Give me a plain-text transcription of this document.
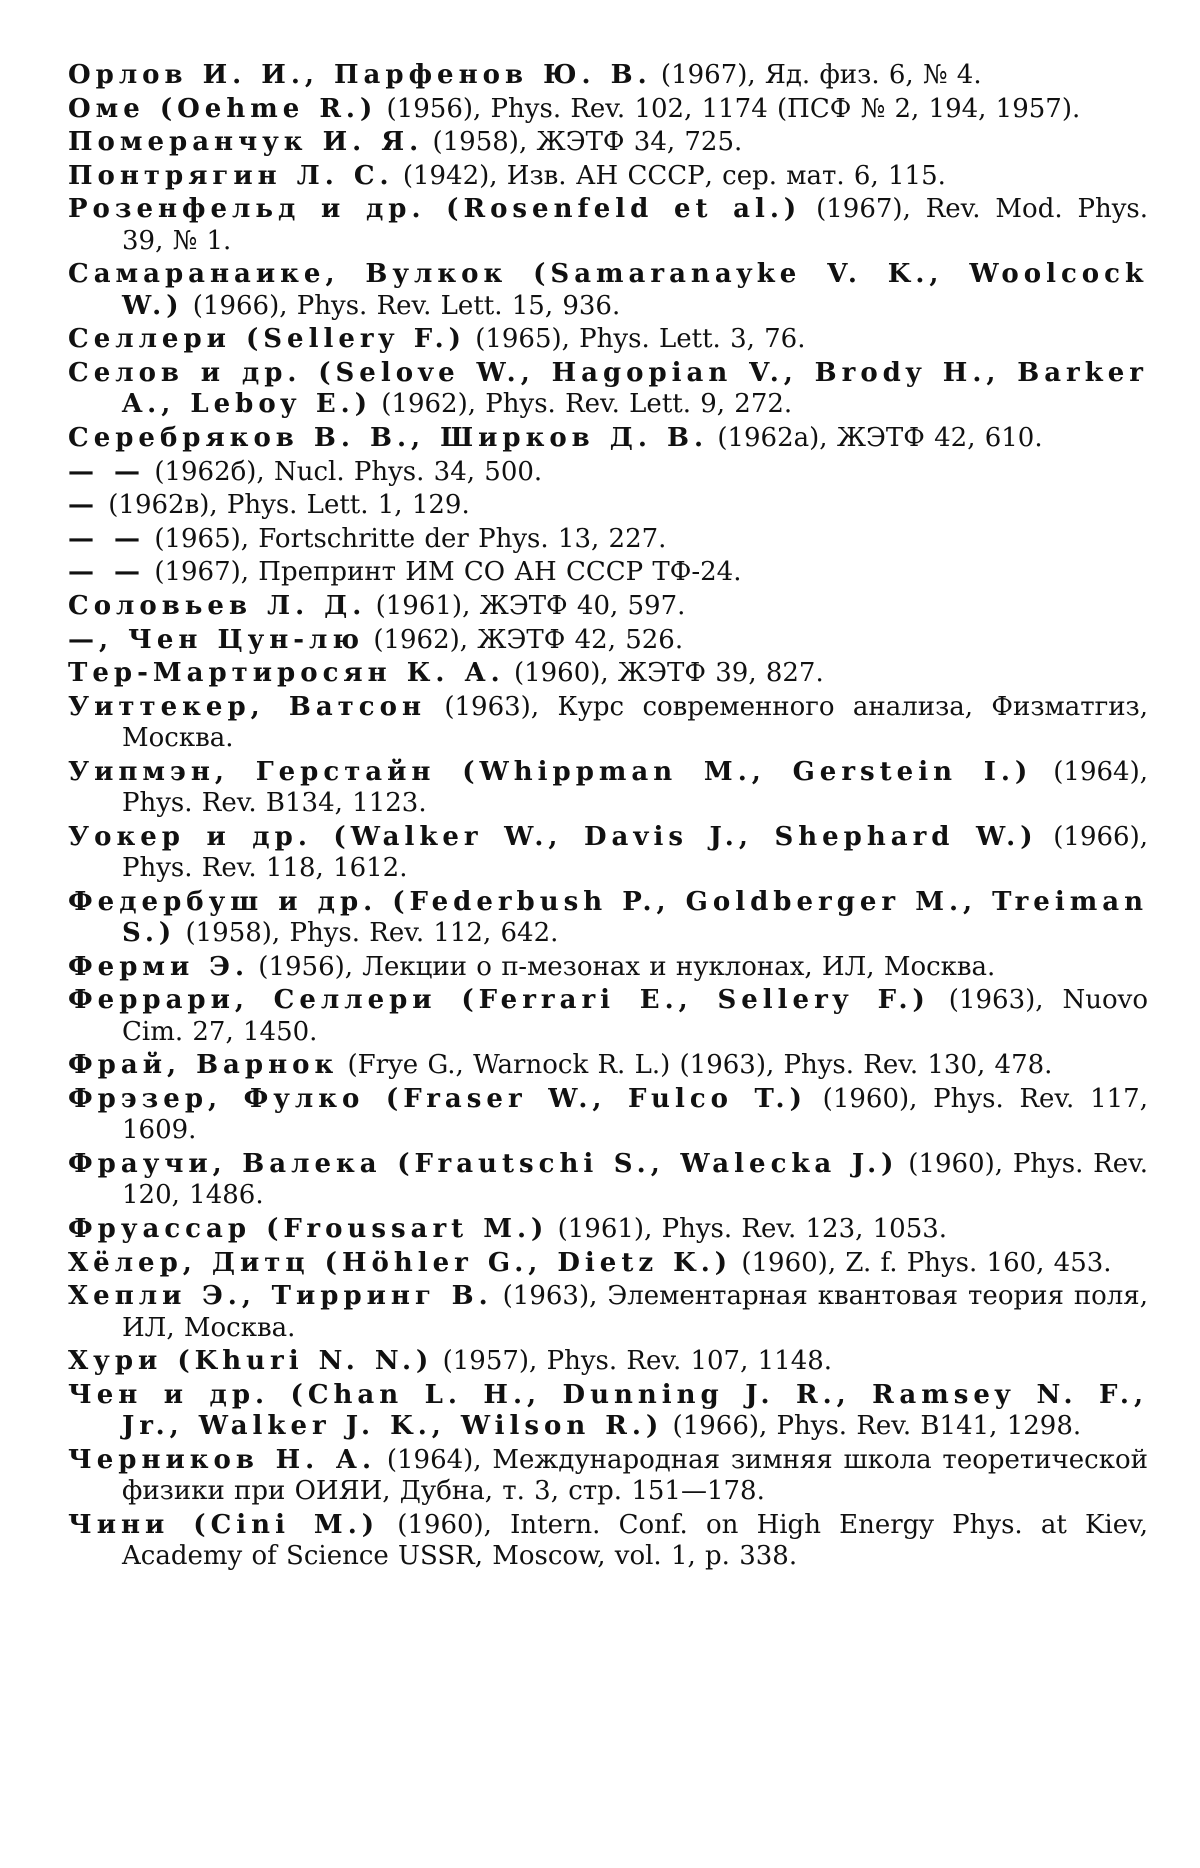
Орлов И. И., Парфенов Ю. В. (1967), Яд. физ. 6, № 4.

Оме (Oehme R.) (1956), Phys. Rev. 102, 1174 (ПСФ № 2, 194, 1957).

Померанчук И. Я. (1958), ЖЭТФ 34, 725.

Понтрягин Л. С. (1942), Изв. АН СССР, сер. мат. 6, 115.

Розенфельд и др. (Rosenfeld et al.) (1967), Rev. Mod. Phys. 39, № 1.

Самаранаике, Вулкок (Samaranayke V. K., Woolcock W.) (1966), Phys. Rev. Lett. 15, 936.

Селлери (Sellery F.) (1965), Phys. Lett. 3, 76.

Селов и др. (Selove W., Hagopian V., Brody H., Barker A., Leboy E.) (1962), Phys. Rev. Lett. 9, 272.

Серебряков В. В., Ширков Д. В. (1962а), ЖЭТФ 42, 610.

— — (1962б), Nucl. Phys. 34, 500.

— (1962в), Phys. Lett. 1, 129.

— — (1965), Fortschritte der Phys. 13, 227.

— — (1967), Препринт ИМ СО АН СССР ТФ-24.

Соловьев Л. Д. (1961), ЖЭТФ 40, 597.

—, Чен Цун-лю (1962), ЖЭТФ 42, 526.

Тер-Мартиросян К. А. (1960), ЖЭТФ 39, 827.

Уиттекер, Ватсон (1963), Курс современного анализа, Физматгиз, Москва.

Уипмэн, Герстайн (Whippman M., Gerstein I.) (1964), Phys. Rev. B134, 1123.

Уокер и др. (Walker W., Davis J., Shephard W.) (1966), Phys. Rev. 118, 1612.

Федербуш и др. (Federbush P., Goldberger M., Treiman S.) (1958), Phys. Rev. 112, 642.

Ферми Э. (1956), Лекции о π-мезонах и нуклонах, ИЛ, Москва.

Феррари, Селлери (Ferrari E., Sellery F.) (1963), Nuovo Cim. 27, 1450.

Фрай, Варнок (Frye G., Warnock R. L.) (1963), Phys. Rev. 130, 478.

Фрэзер, Фулко (Fraser W., Fulco T.) (1960), Phys. Rev. 117, 1609.

Фраучи, Валека (Frautschi S., Walecka J.) (1960), Phys. Rev. 120, 1486.

Фруассар (Froussart M.) (1961), Phys. Rev. 123, 1053.

Хёлер, Дитц (Höhler G., Dietz K.) (1960), Z. f. Phys. 160, 453.

Хепли Э., Тирринг В. (1963), Элементарная квантовая теория поля, ИЛ, Москва.

Хури (Khuri N. N.) (1957), Phys. Rev. 107, 1148.

Чен и др. (Chan L. H., Dunning J. R., Ramsey N. F., Jr., Walker J. K., Wilson R.) (1966), Phys. Rev. B141, 1298.

Черников Н. А. (1964), Международная зимняя школа теоретической физики при ОИЯИ, Дубна, т. 3, стр. 151—178.

Чини (Cini M.) (1960), Intern. Conf. on High Energy Phys. at Kiev, Academy of Science USSR, Moscow, vol. 1, p. 338.
